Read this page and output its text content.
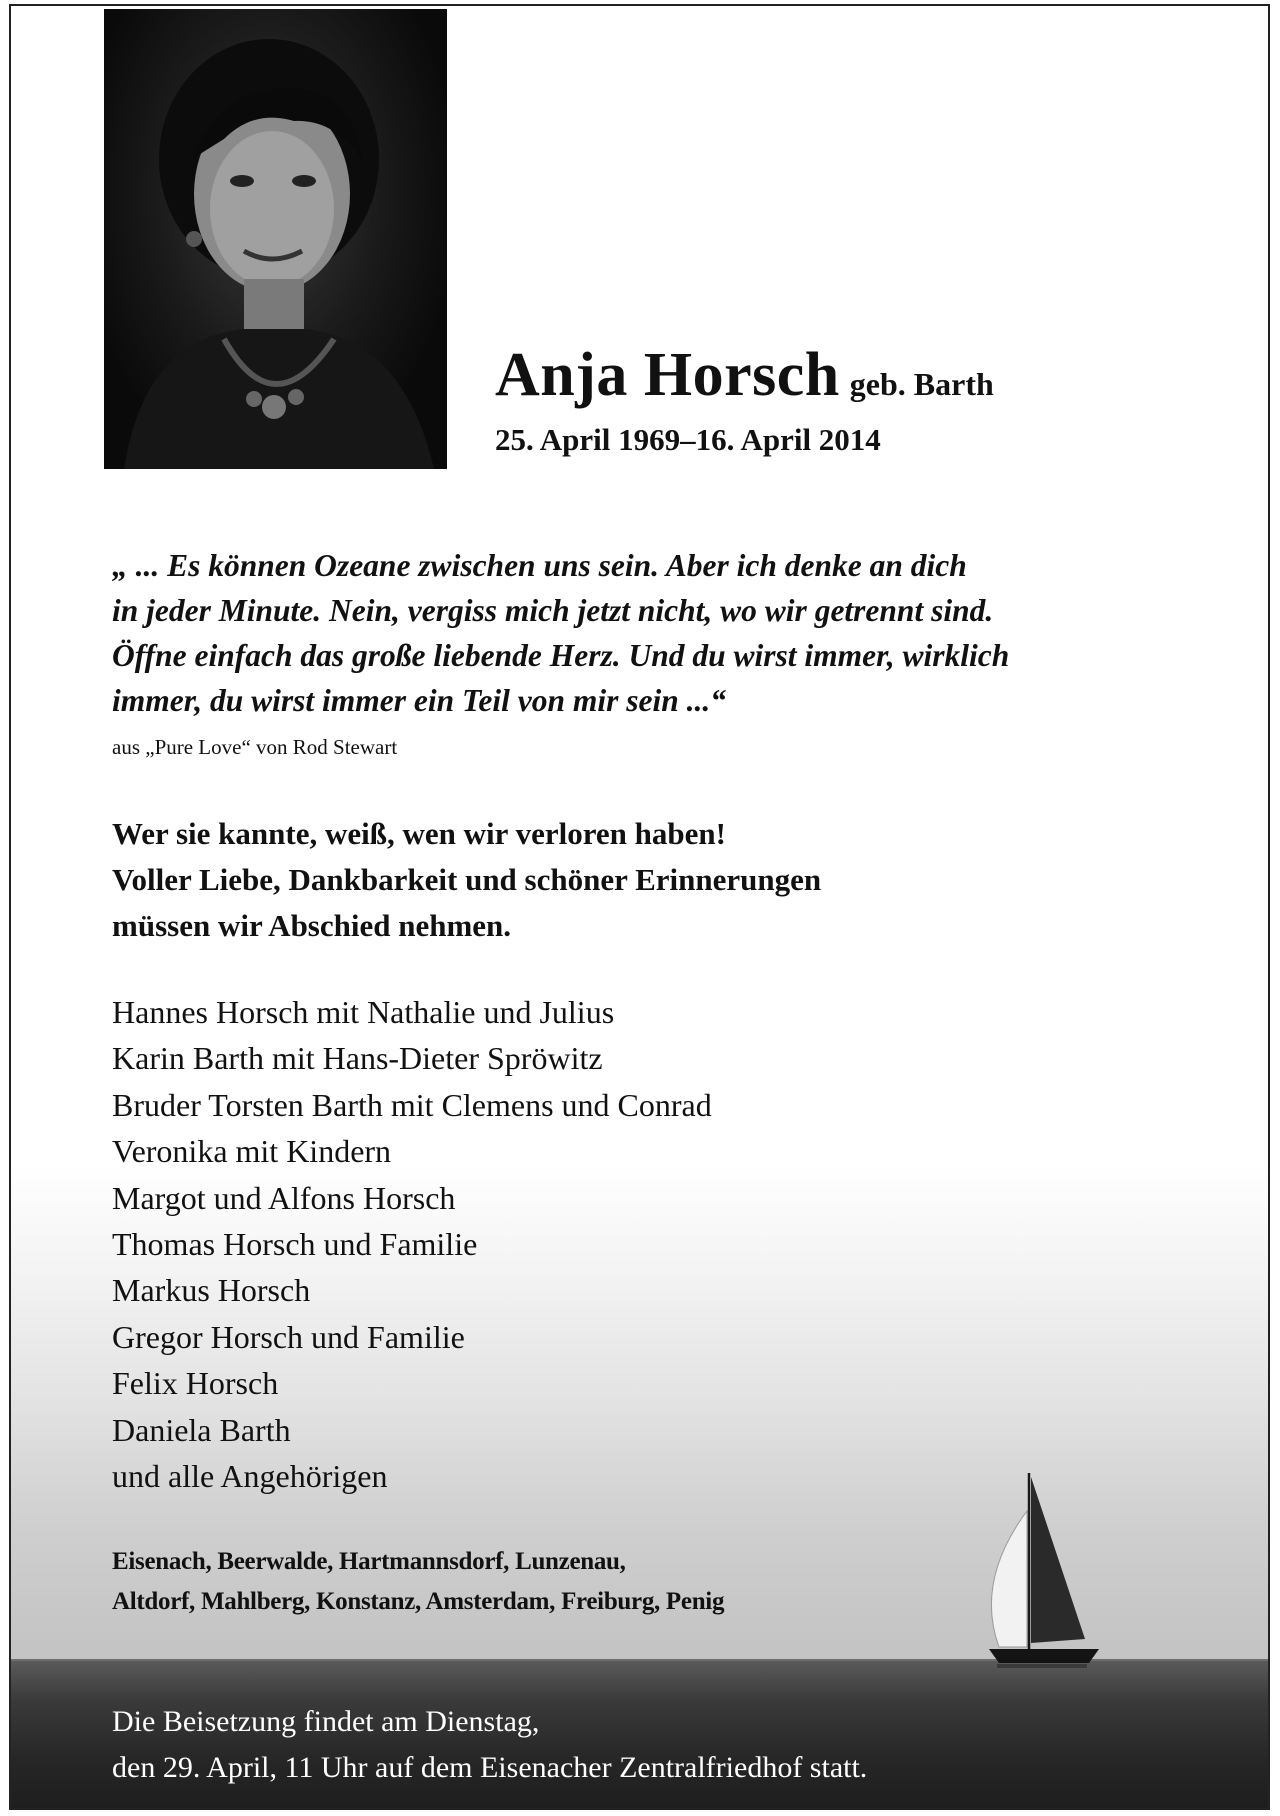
Anja Horsch geb. Barth
25. April 1969–16. April 2014
„ ... Es können Ozeane zwischen uns sein. Aber ich denke an dich
in jeder Minute. Nein, vergiss mich jetzt nicht, wo wir getrennt sind.
Öffne einfach das große liebende Herz. Und du wirst immer, wirklich
immer, du wirst immer ein Teil von mir sein ...“
aus „Pure Love“ von Rod Stewart
Wer sie kannte, weiß, wen wir verloren haben!
Voller Liebe, Dankbarkeit und schöner Erinnerungen
müssen wir Abschied nehmen.
Hannes Horsch mit Nathalie und Julius
Karin Barth mit Hans-Dieter Spröwitz
Bruder Torsten Barth mit Clemens und Conrad
Veronika mit Kindern
Margot und Alfons Horsch
Thomas Horsch und Familie
Markus Horsch
Gregor Horsch und Familie
Felix Horsch
Daniela Barth
und alle Angehörigen
Eisenach, Beerwalde, Hartmannsdorf, Lunzenau,
Altdorf, Mahlberg, Konstanz, Amsterdam, Freiburg, Penig
Die Beisetzung findet am Dienstag,
den 29. April, 11 Uhr auf dem Eisenacher Zentralfriedhof statt.
